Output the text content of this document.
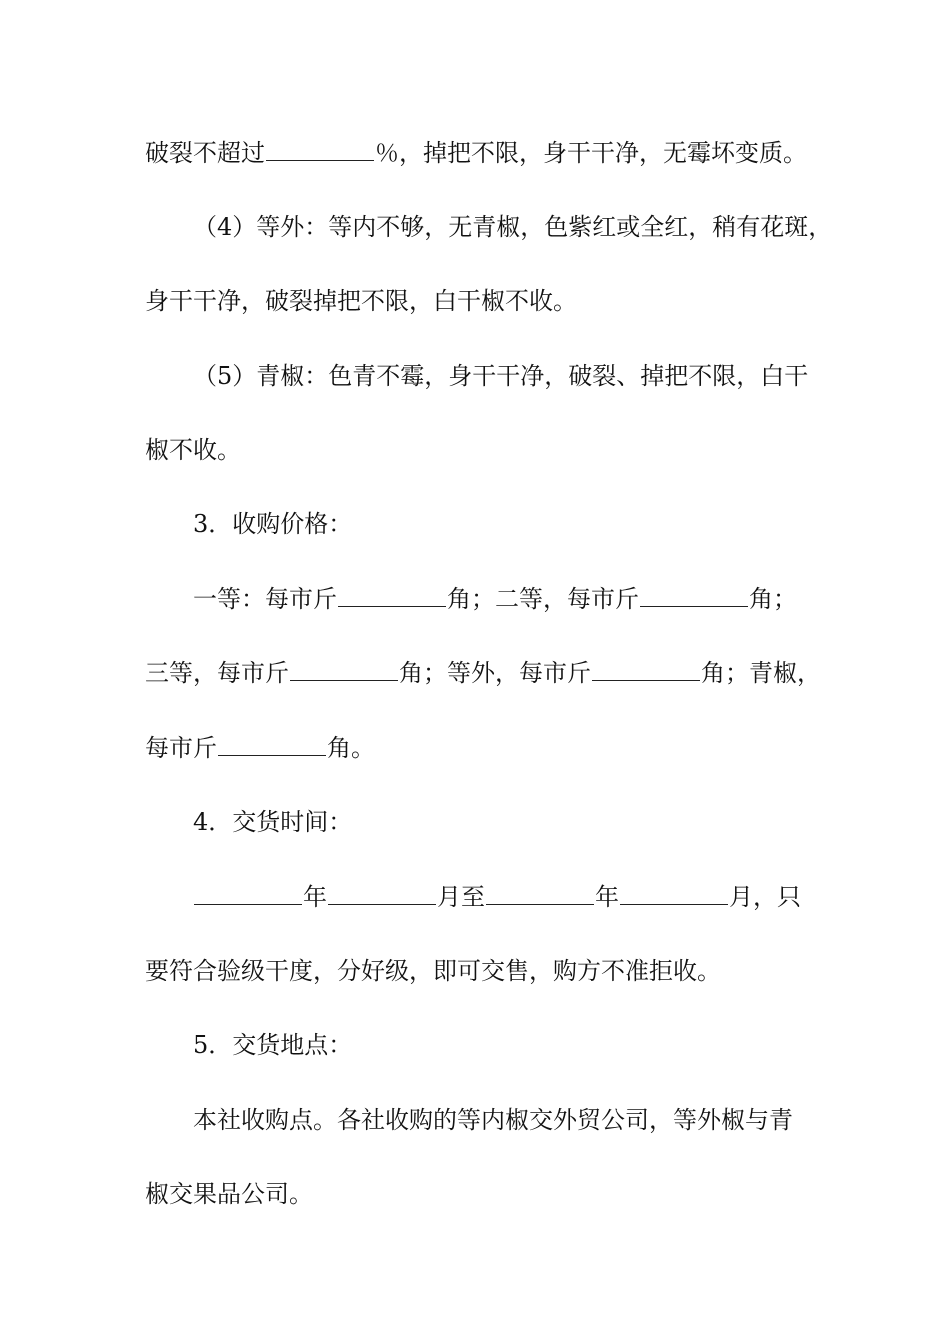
破裂不超过	％，掉把不限，身干干净，无霉坏变质。
（4）等外：等内不够，无青椒，色紫红或全红，稍有花斑，
身干干净，破裂掉把不限，白干椒不收。
（5）青椒：色青不霉，身干干净，破裂、掉把不限，白干
椒不收。
3．收购价格：
一等：每市斤	角；二等，每市斤	角；
三等，每市斤	角；等外，每市斤	角；青椒，
每市斤	角。
4．交货时间：
年	月至	年	月，只
要符合验级干度，分好级，即可交售，购方不准拒收。
5．交货地点：
本社收购点。各社收购的等内椒交外贸公司，等外椒与青
椒交果品公司。
